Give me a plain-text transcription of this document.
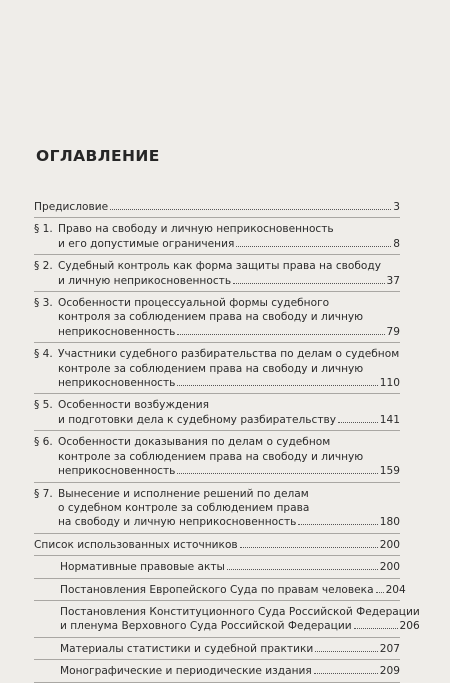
ОГЛАВЛЕНИЕ
Предисловие	3
§ 1. Право на свободу и личную неприкосновенность
и его допустимые ограничения	8
§ 2. Судебный контроль как форма защиты права на свободу
и личную неприкосновенность	37
§ 3. Особенности процессуальной формы судебного
контроля за соблюдением права на свободу и личную
неприкосновенность	79
§ 4. Участники судебного разбирательства по делам о судебном
контроле за соблюдением права на свободу и личную
неприкосновенность	110
§ 5. Особенности возбуждения
и подготовки дела к судебному разбирательству	141
§ 6. Особенности доказывания по делам о судебном
контроле за соблюдением права на свободу и личную
неприкосновенность	159
§ 7. Вынесение и исполнение решений по делам
о судебном контроле за соблюдением права
на свободу и личную неприкосновенность	180
Список использованных источников	200
Нормативные правовые акты	200
Постановления Европейского Суда по правам человека 204
Постановления Конституционного Суда Российской Федерации
и пленума Верховного Суда Российской Федерации	206
Материалы статистики и судебной практики	207
Монографические и периодические издания	209
